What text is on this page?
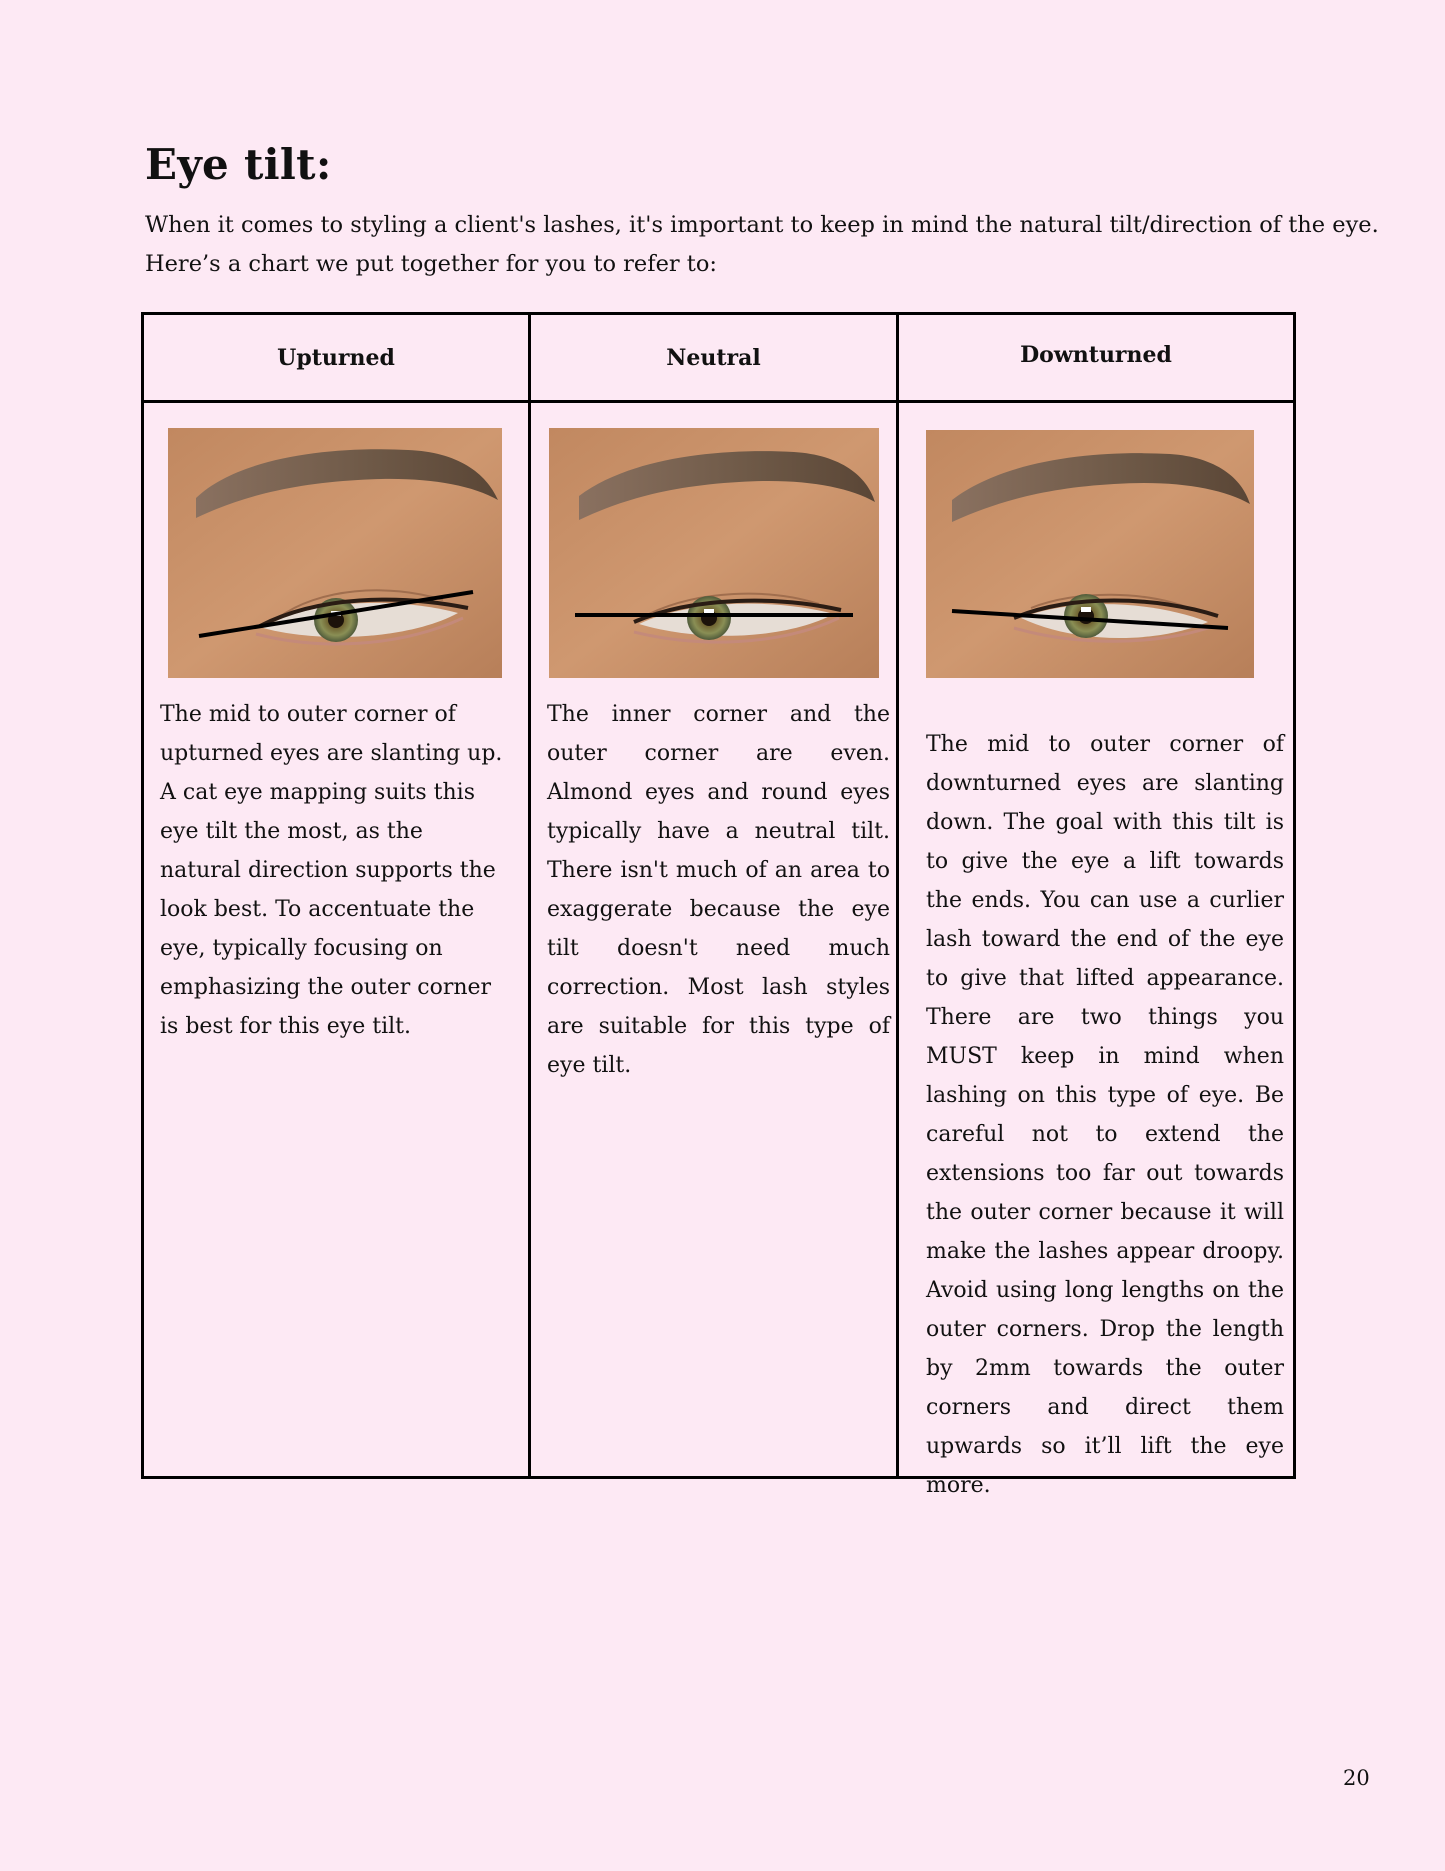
Eye tilt:
When it comes to styling a client's lashes, it's important to keep in mind the natural tilt/direction of the eye.
Here’s a chart we put together for you to refer to:
Upturned	Neutral	Downturned
The mid to outer corner of upturned eyes are slanting up. A cat eye mapping suits this eye tilt the most, as the natural direction supports the look best. To accentuate the eye, typically focusing on emphasizing the outer corner is best for this eye tilt.
The inner corner and the outer corner are even. Almond eyes and round eyes typically have a neutral tilt. There isn't much of an area to exaggerate because the eye tilt doesn't need much correction. Most lash styles are suitable for this type of eye tilt.
The mid to outer corner of downturned eyes are slanting down. The goal with this tilt is to give the eye a lift towards the ends. You can use a curlier lash toward the end of the eye to give that lifted appearance. There are two things you MUST keep in mind when lashing on this type of eye. Be careful not to extend the extensions too far out towards the outer corner because it will make the lashes appear droopy. Avoid using long lengths on the outer corners. Drop the length by 2mm towards the outer corners and direct them upwards so it’ll lift the eye more.
20
